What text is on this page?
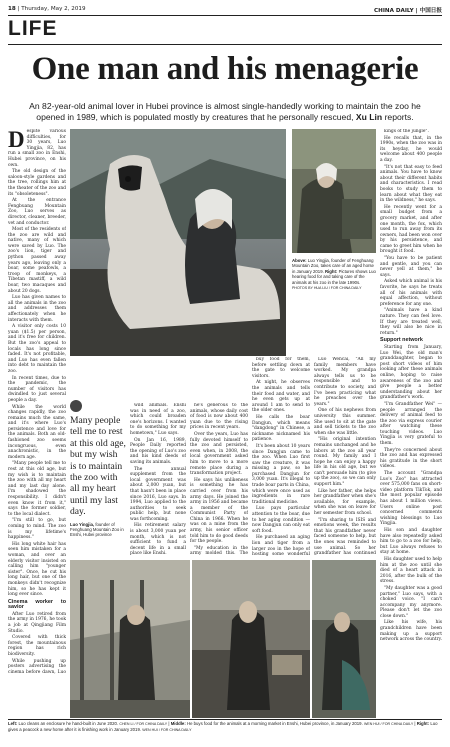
18 | Thursday, May 2, 2019	CHINA DAILY | 中国日报
LIFE
One man and his menagerie
An 82-year-old animal lover in Hubei province is almost single-handedly working to maintain the zoo he opened in 1989, which is populated mostly by creatures that he personally rescued, Xu Lin reports.
D espite various difficulties, for 30 years, Luo Yingjia, 82, has run a small zoo in Enshi, Hubei province, on his own.

The old design of the saloon-style gardens and the tree, rollings him at the theater of the zoo and its "obsoleteness".

At the entrance Fengbuang Mountain Zoo, Luo serves as director, cleaner, breeder, vet and conductor.

Most of the residents of the zoo are wild and native, many of which were saved by Luo. The zoo's lion, tiger and python passed away years ago, leaving only a boar, some peafowls, a troop of monkeys, a Tibetan mastiff, a wild boar, two macaques and about 20 dogs.

Luo has given names to all the animals in the zoo and addresses them affectionately when he interacts with them.

A visitor only costs 10 yuan ($1.5) per person, and it's free for children. But the zoo's appeal to locals has long since faded. It's not profitable, and Luo has even fallen into debt to maintain the zoo.

In recent times, due to the pandemic, the number of visitors has dwindled to just several people a day.

While the world changes rapidly, the zoo remains much the same, and it's where Luo's persistence and love for the animals. Both an old-fashioned zoo seems incongruous, even anachronistic, in the modern age.

"Many people tell me to rest at this old age, but my wish is to maintain the zoo with all my heart and my last day alone. I'm shadowed the responsibility. I didn't even know it from it," says the former soldier, to the local dialect.

"I'm still to go, but coming to mind. The zoo is my lifetime's happiness."

His long white hair has seen him mistaken for a woman, and over an elderly visitor insisted on calling him "younger sister". Once, he cut his long hair, but one of the monkeys didn't recognize him, so he has kept it long ever since.

Cinema worker to savior

After Luo retired from the army in 1976, he took a job at Qingjiang Film Studio.

Covered with thick forest, the mountainous region has rich biodiversity.

While pushing up posters advertising the cinema before dawn, Luo

kings of the jungle".

He recalls that, in the 1990s, when the zoo was in its heyday, he would welcome about 400 people a day.

"It's not that easy to feed animals. You have to know about their different habits and characteristics. I read books to study them to learn about what they eat in the wildness," he says.

He recently went for a small budget from a grocery market, and after one month, the fox, which used to run away from its owners, had been won over by his persistence, and came to greet him when he brought it food.

"You have to be patient and gentle, and you can never yell at them," he says.

Asked which animal is his favorite, he says he treats all of his animals with equal affection, without preference for any one.

"Animals have a kind nature. They can feel love. If they are treated well, they will also be nice in return."

Support network

Starting from January, Luo Wei, the old man's granddaughter, began to post short videos of him looking after these animals online, hoping to raise awareness of the zoo and give people a better understanding about her grandfather's work.

"I'm Grandfather Wei" — people arranged the delivery of animal feed to the zoo via express courier after watching these touching videos. Luo Yingjia is very grateful to them.

They're concerned about the zoo and has expressed his gratitude in the short videos.

The account "Grandpa Luo's Zoo" has attracted over 575,000 fans on short-video platform TikTok, and the most popular episode has about 1 million views. Users online post concerned comments wishing blessings to Luo Yingjia.

His son and daughter have also repeatedly asked him to go to a zoo for help, but Luo always refuses to stay at home.

His daughter used to help him at the zoo until she died of a heart attack in 2016, after the bulk of the stress.

"My daughter was a good partner," Luo says, with a choked voice. "I can't accompany my anymore. Please don't let the zoo close down."

Like his wife, his grandchildren have been making up a support network across the country.

Above: Luo Yingjia, founder of Fenghuang Mountain Zoo, takes care of an aged horse in January 2019. Right: Pictures shows Luo hearing food for and taking care of the animals at his zoo in the late 1990s.
PHOTOS BY HUA LIU / FOR CHINA DAILY
Many people tell me to rest at this old age, but my wish is to maintain the zoo with all my heart until my last day.
Luo Yingjia, founder of Fenghuang Mountain Zoo in Enshi, Hubei province

wild animals. Enshi was in need of a zoo, which could broaden one's horizons. I wanted to do something for my hometown," Luo says.

On Jan 16, 1989, People Daily reported the opening of Luo's zoo and his kind deeds of saving its animals.

The annual supplement from the local government was about 2,000 yuan, but that hasn't been in place since 2016, Luo says. In 1994, Luo applied to the authorities to seek public help, but none was forthcoming.

His retirement salary is about 3,000 yuan per month, which is not sufficient to fund a decent life in a small place like Enshi.

he's generous to the animals, whose daily cost of food is now about 400 yuan due to the rising prices in recent years.

Over the years, Luo has fully devoted himself to the zoo and persisted, even when, in 2008, the local government asked him to move to a more remote place during a transformation project.

He says his unlikeness is something he has carried over from his army days. He joined the army in 1956 and became a member of the Communist Party of China in 1966. When he was on a mine from the army, his senior officer told him to do good deeds for the people.

"My education in the army molded this. The

buy food for them, before settling down at the gate to welcome visitors.

At night, he observes the animals and tells their food and water, and he even gets up at around 1 am to send to the older ones.

He calls the boar Dangjun, which means "dangdong" in Chinese, a nickname nicknamed his patience.

It's been about 10 years since Dangjun came to the zoo. When Luo first saw the creature, it was missing a paw, so he purchased Dangjun for 3,000 yuan. It's illegal to trade boar parts in China, which were once used as ingredients in rare traditional medicine.

Luo pays particular attention to the boar, due to her aging condition — now Dangjun can only eat soft food.

He purchased an aging lion and tiger from a larger zoo in the hope of hosting some wonderful

Luo Wencai, "All my family members have worked. My grandpa always tells us to be responsible and to contribute to society, and I've been practicing what he preaches over the years."

One of his nephews from university this summer. She used to sit at the gate and sell tickets to the zoo when she was little.

"His original intention remains unchanged and he labors at the zoo all year round. My family and I hope he can enjoy a happy life in his old age, but we can't persuade him (to give up the zoo), so we can only support him."

Like her father, she helps her grandfather when she's available, for example, when she was on leave for her semester from school.

"I'm sharing to ISIS and emotions week, the results that his grandfather never faced someone to help, but the ones was reminded to use animal. So her grandfather has continued

Left: Luo cleans an enclosure he hand-built in June 2020. CHEN LI / FOR CHINA DAILY | Middle: He buys food for the animals at a morning market in Enshi, Hubei province, in January 2019. WEN HUI / FOR CHINA DAILY | Right: Luo gives a peacock a new home after it is finishing work in January 2019. WEN HUI / FOR CHINA DAILY
